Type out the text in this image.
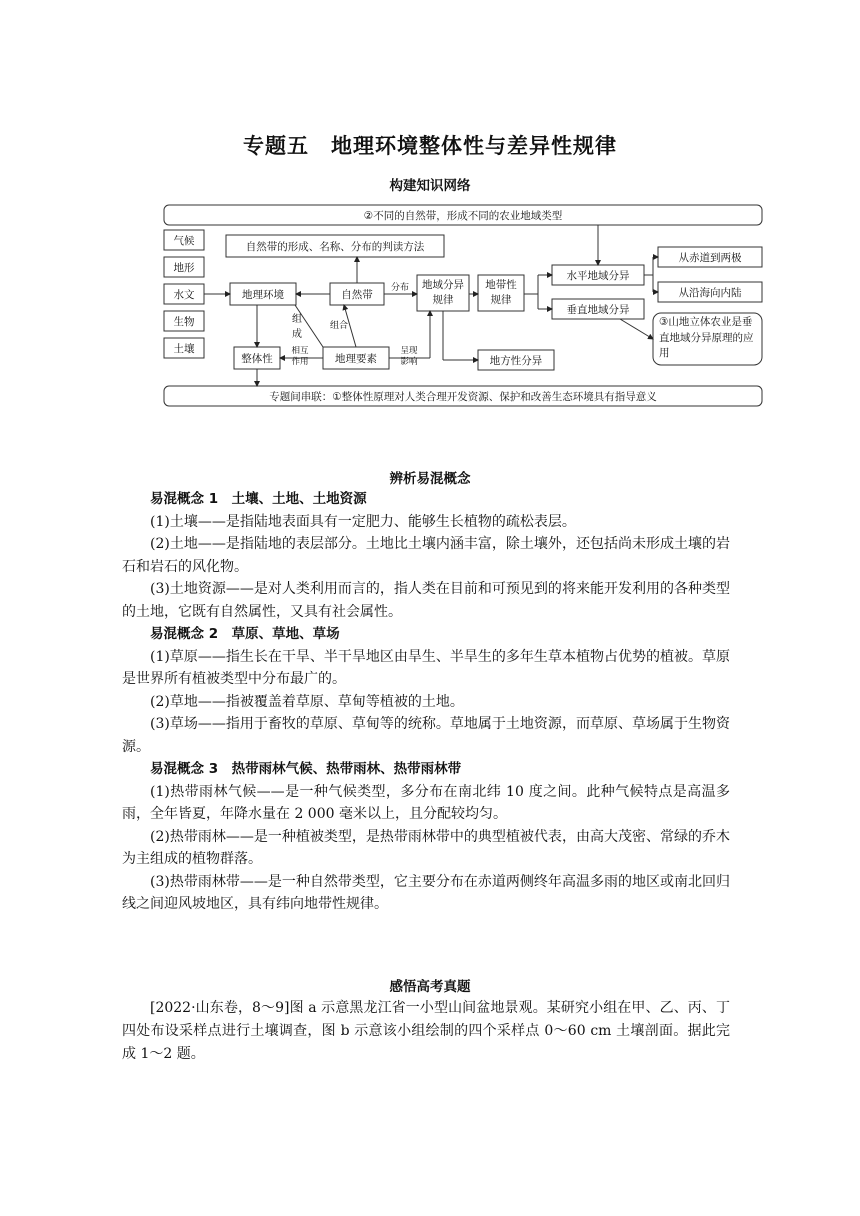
专题五　地理环境整体性与差异性规律
构建知识网络
②不同的自然带，形成不同的农业地域类型
专题间串联：①整体性原理对人类合理开发资源、保护和改善生态环境具有指导意义
气候
地形
水文
生物
土壤
自然带的形成、名称、分布的判读方法
地理环境	自然带
分布	地域分异规律
地带性规律
水平地域分异
垂直地域分异
从赤道到两极
从沿海向内陆
③山地立体农业是垂直地域分异原理的应用
整体性	地理要素	地方性分异
组成
组合
相互作用
呈现影响
辨析易混概念

易混概念 1　土壤、土地、土地资源

(1)土壤——是指陆地表面具有一定肥力、能够生长植物的疏松表层。

(2)土地——是指陆地的表层部分。土地比土壤内涵丰富，除土壤外，还包括尚未形成土壤的岩石和岩石的风化物。

(3)土地资源——是对人类利用而言的，指人类在目前和可预见到的将来能开发利用的各种类型的土地，它既有自然属性，又具有社会属性。

易混概念 2　草原、草地、草场

(1)草原——指生长在干旱、半干旱地区由旱生、半旱生的多年生草本植物占优势的植被。草原是世界所有植被类型中分布最广的。

(2)草地——指被覆盖着草原、草甸等植被的土地。

(3)草场——指用于畜牧的草原、草甸等的统称。草地属于土地资源，而草原、草场属于生物资源。

易混概念 3　热带雨林气候、热带雨林、热带雨林带

(1)热带雨林气候——是一种气候类型，多分布在南北纬 10 度之间。此种气候特点是高温多雨，全年皆夏，年降水量在 2 000 毫米以上，且分配较均匀。

(2)热带雨林——是一种植被类型，是热带雨林带中的典型植被代表，由高大茂密、常绿的乔木为主组成的植物群落。

(3)热带雨林带——是一种自然带类型，它主要分布在赤道两侧终年高温多雨的地区或南北回归线之间迎风坡地区，具有纬向地带性规律。

感悟高考真题

[2022·山东卷，8～9]图 a 示意黑龙江省一小型山间盆地景观。某研究小组在甲、乙、丙、丁四处布设采样点进行土壤调查，图 b 示意该小组绘制的四个采样点 0～60 cm 土壤剖面。据此完成 1～2 题。
